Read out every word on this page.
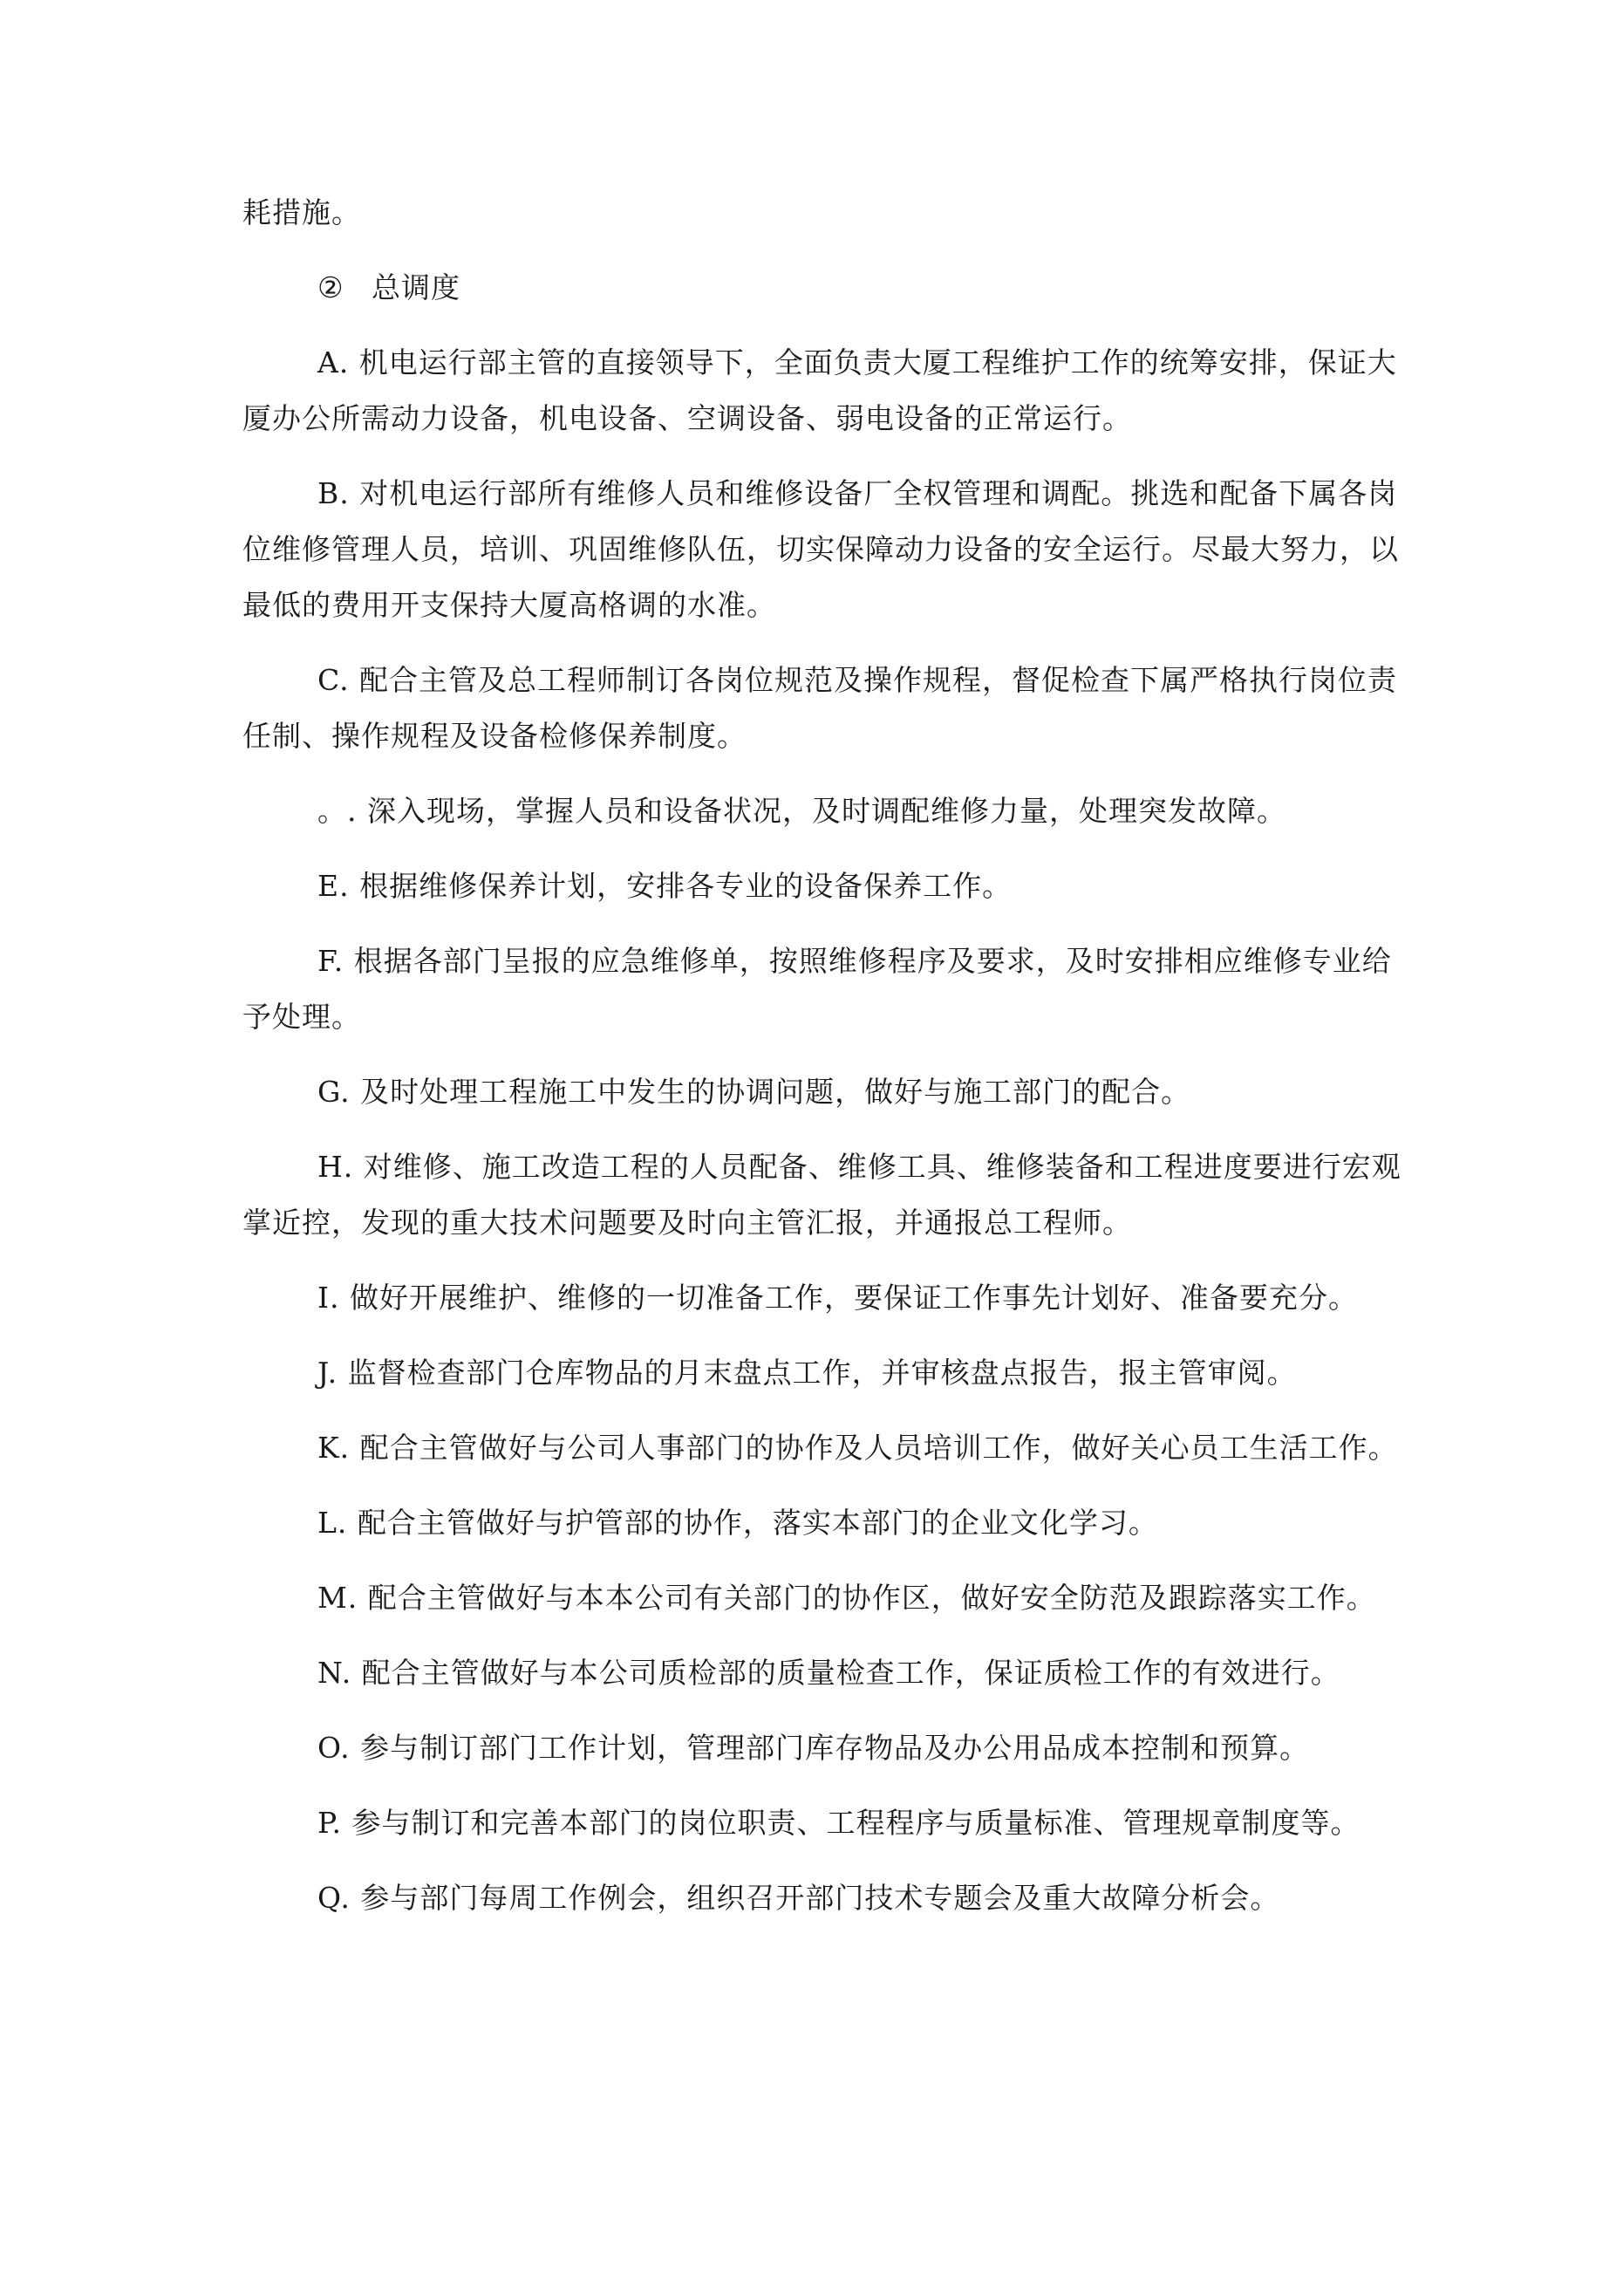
耗措施。

② 总调度

A. 机电运行部主管的直接领导下，全面负责大厦工程维护工作的统筹安排，保证大厦办公所需动力设备，机电设备、空调设备、弱电设备的正常运行。

B. 对机电运行部所有维修人员和维修设备厂全权管理和调配。挑选和配备下属各岗位维修管理人员，培训、巩固维修队伍，切实保障动力设备的安全运行。尽最大努力，以最低的费用开支保持大厦高格调的水准。

C. 配合主管及总工程师制订各岗位规范及操作规程，督促检查下属严格执行岗位责任制、操作规程及设备检修保养制度。

。. 深入现场，掌握人员和设备状况，及时调配维修力量，处理突发故障。

E. 根据维修保养计划，安排各专业的设备保养工作。

F. 根据各部门呈报的应急维修单，按照维修程序及要求，及时安排相应维修专业给予处理。

G. 及时处理工程施工中发生的协调问题，做好与施工部门的配合。

H. 对维修、施工改造工程的人员配备、维修工具、维修装备和工程进度要进行宏观掌近控，发现的重大技术问题要及时向主管汇报，并通报总工程师。

I. 做好开展维护、维修的一切准备工作，要保证工作事先计划好、准备要充分。

J. 监督检查部门仓库物品的月末盘点工作，并审核盘点报告，报主管审阅。

K. 配合主管做好与公司人事部门的协作及人员培训工作，做好关心员工生活工作。

L. 配合主管做好与护管部的协作，落实本部门的企业文化学习。

M. 配合主管做好与本本公司有关部门的协作区，做好安全防范及跟踪落实工作。

N. 配合主管做好与本公司质检部的质量检查工作，保证质检工作的有效进行。

O. 参与制订部门工作计划，管理部门库存物品及办公用品成本控制和预算。

P. 参与制订和完善本部门的岗位职责、工程程序与质量标准、管理规章制度等。

Q. 参与部门每周工作例会，组织召开部门技术专题会及重大故障分析会。
